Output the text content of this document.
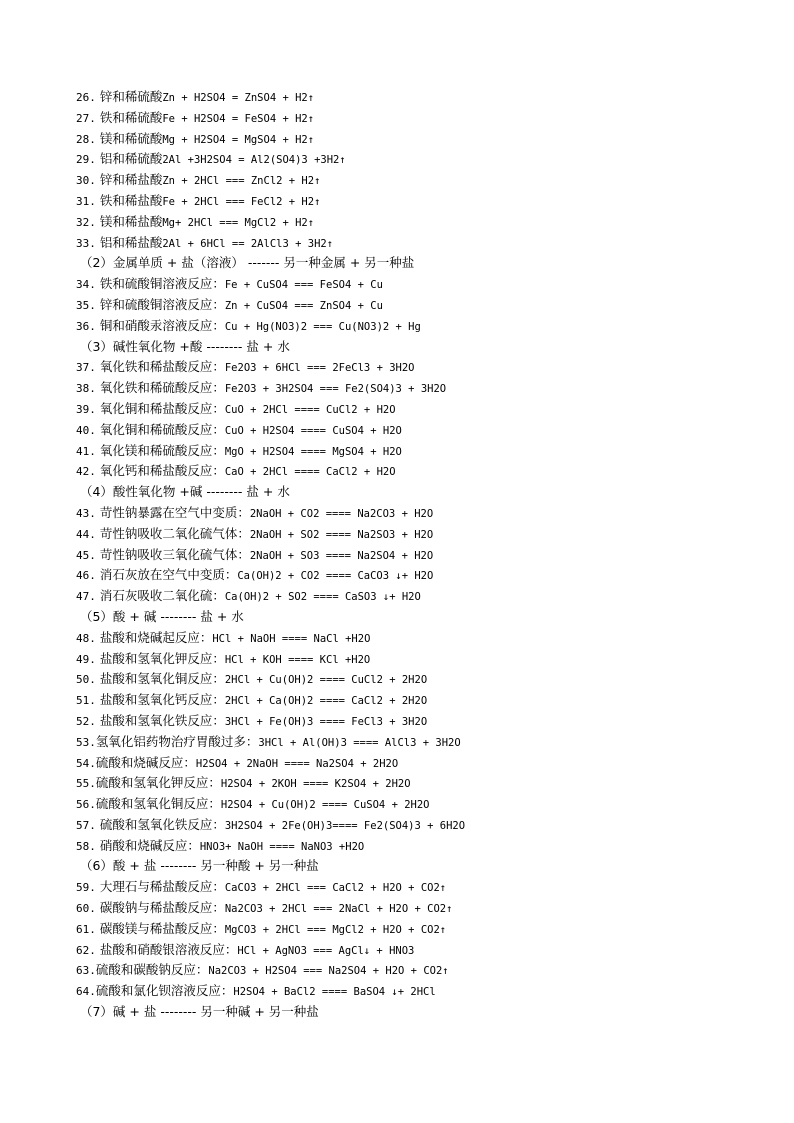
26. 锌和稀硫酸Zn + H2SO4 = ZnSO4 + H2↑
27. 铁和稀硫酸Fe + H2SO4 = FeSO4 + H2↑
28. 镁和稀硫酸Mg + H2SO4 = MgSO4 + H2↑
29. 铝和稀硫酸2Al +3H2SO4 = Al2(SO4)3 +3H2↑
30. 锌和稀盐酸Zn + 2HCl === ZnCl2 + H2↑
31. 铁和稀盐酸Fe + 2HCl === FeCl2 + H2↑
32. 镁和稀盐酸Mg+ 2HCl === MgCl2 + H2↑
33. 铝和稀盐酸2Al + 6HCl == 2AlCl3 + 3H2↑
（2）金属单质 + 盐（溶液） ------- 另一种金属 + 另一种盐
34. 铁和硫酸铜溶液反应：Fe + CuSO4 === FeSO4 + Cu
35. 锌和硫酸铜溶液反应：Zn + CuSO4 === ZnSO4 + Cu
36. 铜和硝酸汞溶液反应：Cu + Hg(NO3)2 === Cu(NO3)2 + Hg
（3）碱性氧化物 +酸 -------- 盐 + 水
37. 氧化铁和稀盐酸反应：Fe2O3 + 6HCl === 2FeCl3 + 3H2O
38. 氧化铁和稀硫酸反应：Fe2O3 + 3H2SO4 === Fe2(SO4)3 + 3H2O
39. 氧化铜和稀盐酸反应：CuO + 2HCl ==== CuCl2 + H2O
40. 氧化铜和稀硫酸反应：CuO + H2SO4 ==== CuSO4 + H2O
41. 氧化镁和稀硫酸反应：MgO + H2SO4 ==== MgSO4 + H2O
42. 氧化钙和稀盐酸反应：CaO + 2HCl ==== CaCl2 + H2O
（4）酸性氧化物 +碱 -------- 盐 + 水
43. 苛性钠暴露在空气中变质：2NaOH + CO2 ==== Na2CO3 + H2O
44. 苛性钠吸收二氧化硫气体：2NaOH + SO2 ==== Na2SO3 + H2O
45. 苛性钠吸收三氧化硫气体：2NaOH + SO3 ==== Na2SO4 + H2O
46. 消石灰放在空气中变质：Ca(OH)2 + CO2 ==== CaCO3 ↓+ H2O
47. 消石灰吸收二氧化硫：Ca(OH)2 + SO2 ==== CaSO3 ↓+ H2O
（5）酸 + 碱 -------- 盐 + 水
48. 盐酸和烧碱起反应：HCl + NaOH ==== NaCl +H2O
49. 盐酸和氢氧化钾反应：HCl + KOH ==== KCl +H2O
50. 盐酸和氢氧化铜反应：2HCl + Cu(OH)2 ==== CuCl2 + 2H2O
51. 盐酸和氢氧化钙反应：2HCl + Ca(OH)2 ==== CaCl2 + 2H2O
52. 盐酸和氢氧化铁反应：3HCl + Fe(OH)3 ==== FeCl3 + 3H2O
53.氢氧化铝药物治疗胃酸过多：3HCl + Al(OH)3 ==== AlCl3 + 3H2O
54.硫酸和烧碱反应：H2SO4 + 2NaOH ==== Na2SO4 + 2H2O
55.硫酸和氢氧化钾反应：H2SO4 + 2KOH ==== K2SO4 + 2H2O
56.硫酸和氢氧化铜反应：H2SO4 + Cu(OH)2 ==== CuSO4 + 2H2O
57. 硫酸和氢氧化铁反应：3H2SO4 + 2Fe(OH)3==== Fe2(SO4)3 + 6H2O
58. 硝酸和烧碱反应：HNO3+ NaOH ==== NaNO3 +H2O
（6）酸 + 盐 -------- 另一种酸 + 另一种盐
59. 大理石与稀盐酸反应：CaCO3 + 2HCl === CaCl2 + H2O + CO2↑
60. 碳酸钠与稀盐酸反应：Na2CO3 + 2HCl === 2NaCl + H2O + CO2↑
61. 碳酸镁与稀盐酸反应：MgCO3 + 2HCl === MgCl2 + H2O + CO2↑
62. 盐酸和硝酸银溶液反应：HCl + AgNO3 === AgCl↓ + HNO3
63.硫酸和碳酸钠反应：Na2CO3 + H2SO4 === Na2SO4 + H2O + CO2↑
64.硫酸和氯化钡溶液反应：H2SO4 + BaCl2 ==== BaSO4 ↓+ 2HCl
（7）碱 + 盐 -------- 另一种碱 + 另一种盐
